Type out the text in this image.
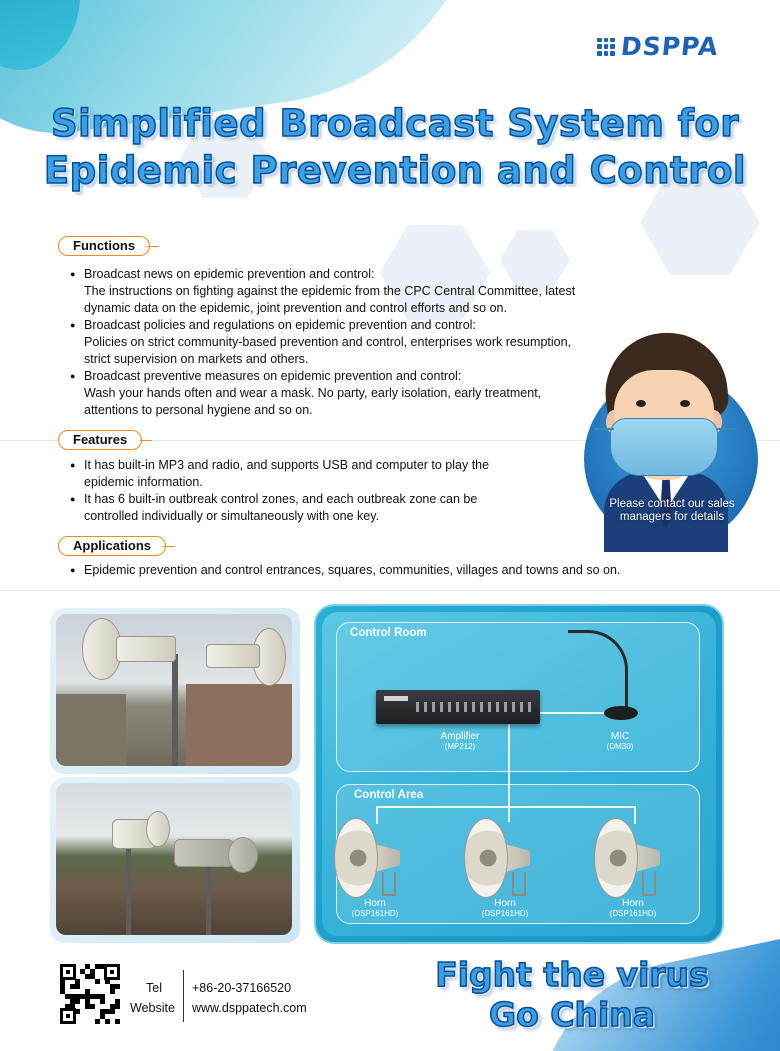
DSPPA
Simplified Broadcast System for
Epidemic Prevention and Control
Functions
● Broadcast news on epidemic prevention and control:
The instructions on fighting against the epidemic from the CPC Central Committee, latest dynamic data on the epidemic, joint prevention and control efforts and so on.
● Broadcast policies and regulations on epidemic prevention and control:
Policies on strict community-based prevention and control, enterprises work resumption, strict supervision on markets and others.
● Broadcast preventive measures on epidemic prevention and control:
Wash your hands often and wear a mask. No party, early isolation, early treatment, attentions to personal hygiene and so on.
Features
● It has built-in MP3 and radio, and supports USB and computer to play the epidemic information.
● It has 6 built-in outbreak control zones, and each outbreak zone can be controlled individually or simultaneously with one key.
Applications
● Epidemic prevention and control entrances, squares, communities, villages and towns and so on.
Please contact our sales managers for details
Control Room
Control Area
Amplifier
(MP212)
MIC
(DM30)
Horn
(DSP161HD)
Horn
(DSP161HD)
Horn
(DSP161HD)
Tel
Website
+86-20-37166520
www.dsppatech.com
Fight the virus
Go China
